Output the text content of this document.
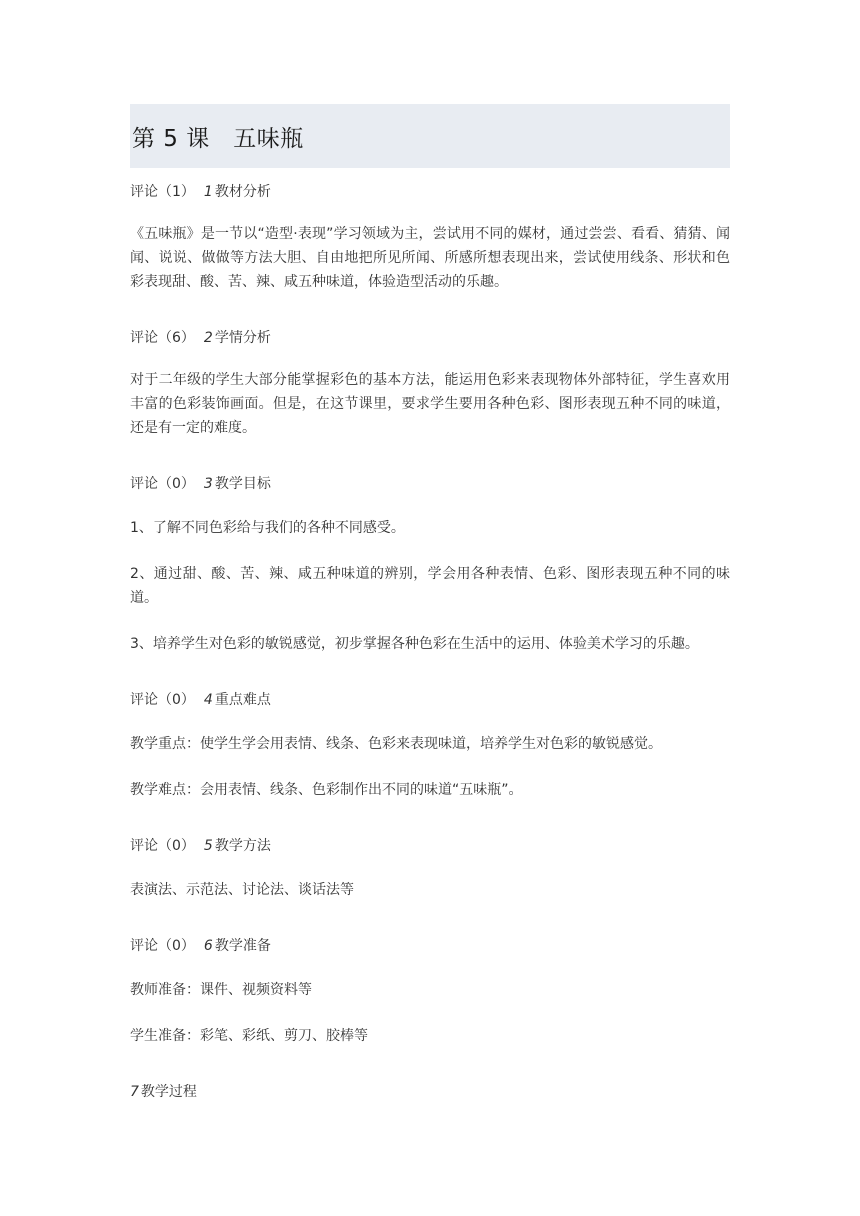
第 5 课　五味瓶
评论（1） 1 教材分析

《五味瓶》是一节以“造型·表现”学习领域为主，尝试用不同的媒材，通过尝尝、看看、猜猜、闻闻、说说、做做等方法大胆、自由地把所见所闻、所感所想表现出来，尝试使用线条、形状和色彩表现甜、酸、苦、辣、咸五种味道，体验造型活动的乐趣。

评论（6） 2 学情分析

对于二年级的学生大部分能掌握彩色的基本方法，能运用色彩来表现物体外部特征，学生喜欢用丰富的色彩装饰画面。但是，在这节课里，要求学生要用各种色彩、图形表现五种不同的味道，还是有一定的难度。

评论（0） 3 教学目标

1、了解不同色彩给与我们的各种不同感受。

2、通过甜、酸、苦、辣、咸五种味道的辨别，学会用各种表情、色彩、图形表现五种不同的味道。

3、培养学生对色彩的敏锐感觉，初步掌握各种色彩在生活中的运用、体验美术学习的乐趣。

评论（0） 4 重点难点

教学重点：使学生学会用表情、线条、色彩来表现味道，培养学生对色彩的敏锐感觉。

教学难点：会用表情、线条、色彩制作出不同的味道“五味瓶”。

评论（0） 5 教学方法

表演法、示范法、讨论法、谈话法等

评论（0） 6 教学准备

教师准备：课件、视频资料等

学生准备：彩笔、彩纸、剪刀、胶棒等

7 教学过程
